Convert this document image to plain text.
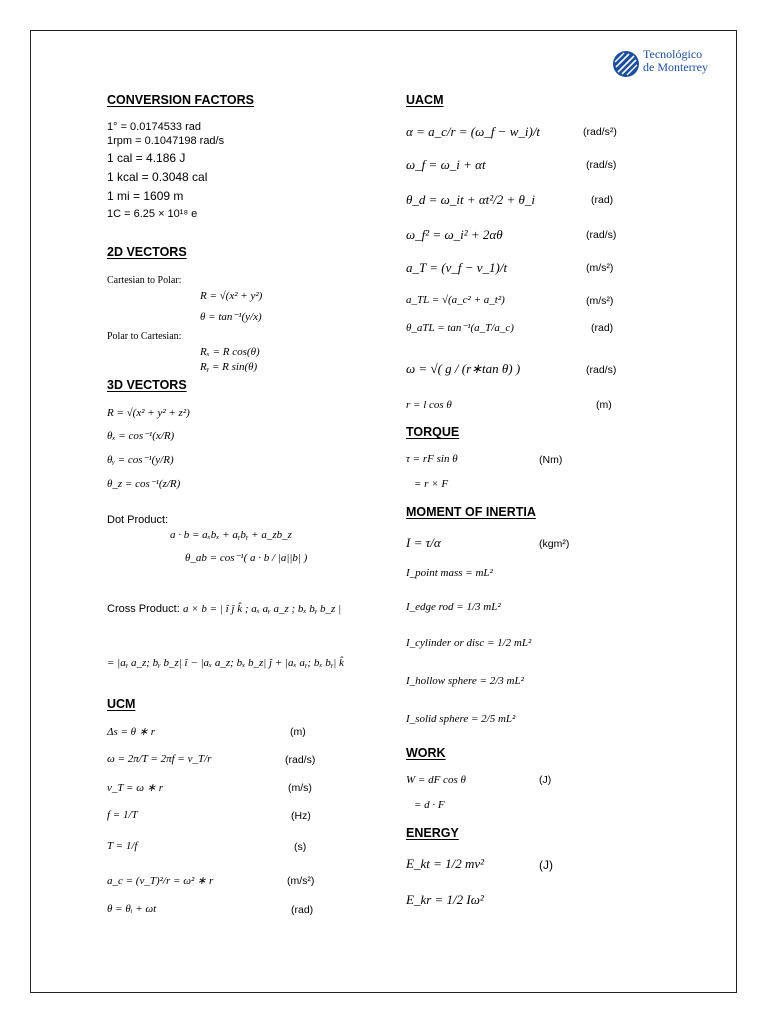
Tecnológico
de Monterrey
CONVERSION FACTORS
1° = 0.0174533 rad
1rpm = 0.1047198 rad/s
1 cal = 4.186 J
1 kcal = 0.3048 cal
1 mi = 1609 m
1C = 6.25 × 10¹⁸ e
2D VECTORS
Cartesian to Polar:
R = √(x² + y²)
θ = tan⁻¹(y/x)
Polar to Cartesian:
Rₓ = R cos(θ)
Rᵧ = R sin(θ)
3D VECTORS
R = √(x² + y² + z²)
θₓ = cos⁻¹(x/R)
θᵧ = cos⁻¹(y/R)
θ_z = cos⁻¹(z/R)
Dot Product:
a · b = aₓbₓ + aᵧbᵧ + a_zb_z
θ_ab = cos⁻¹( a · b / |a||b| )
Cross Product: a × b = | î ĵ k̂ ; aₓ aᵧ a_z ; bₓ bᵧ b_z |
= |aᵧ a_z; bᵧ b_z| î − |aₓ a_z; bₓ b_z| ĵ + |aₓ aᵧ; bₓ bᵧ| k̂
UCM
Δs = θ ∗ r	(m)
ω = 2π/T = 2πf = v_T/r	(rad/s)
v_T = ω ∗ r	(m/s)
f = 1/T	(Hz)
T = 1/f	(s)
a_c = (v_T)²/r = ω² ∗ r	(m/s²)
θ = θᵢ + ωt	(rad)
UACM
α = a_c/r = (ω_f − w_i)/t	(rad/s²)
ω_f = ω_i + αt	(rad/s)
θ_d = ω_it + αt²/2 + θ_i	(rad)
ω_f² = ω_i² + 2αθ	(rad/s)
a_T = (v_f − v_1)/t	(m/s²)
a_TL = √(a_c² + a_t²)	(m/s²)
θ_aTL = tan⁻¹(a_T/a_c)	(rad)
ω = √( g / (r∗tan θ) )	(rad/s)
r = l cos θ	(m)
TORQUE
τ = rF sin θ	(Nm)
= r × F
MOMENT OF INERTIA
I = τ/α	(kgm²)
I_point mass = mL²
I_edge rod = 1/3 mL²
I_cylinder or disc = 1/2 mL²
I_hollow sphere = 2/3 mL²
I_solid sphere = 2/5 mL²
WORK
W = dF cos θ	(J)
= d · F
ENERGY
E_kt = 1/2 mv²	(J)
E_kr = 1/2 Iω²
